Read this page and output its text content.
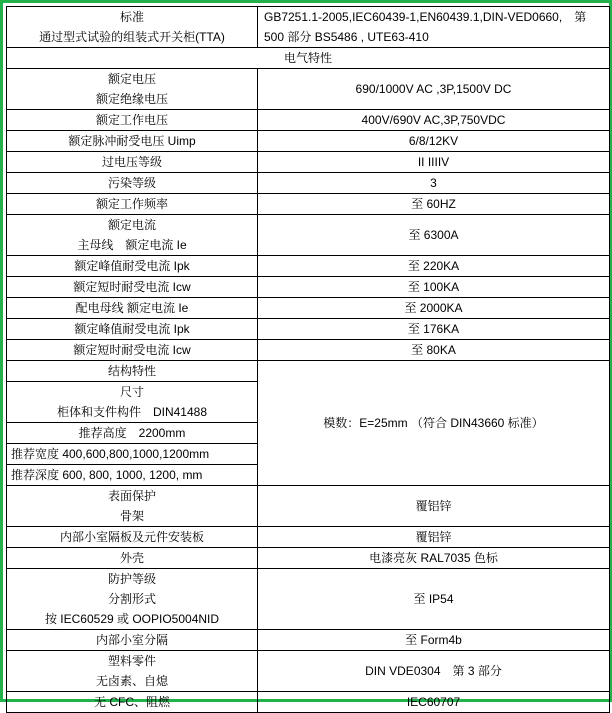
标准
通过型式试验的组装式开关柜(TTA)	GB7251.1-2005,IEC60439-1,EN60439.1,DIN-VED0660,　第
500 部分 BS5486 , UTE63-410
电气特性	

额定电压
额定绝缘电压	690/1000V AC ,3P,1500V DC

额定工作电压	400V/690V AC,3P,750VDC

额定脉冲耐受电压 Uimp	6/8/12KV

过电压等级	II IIIIV

污染等级	3

额定工作频率	至 60HZ

额定电流
主母线　额定电流 Ie	至 6300A

额定峰值耐受电流 Ipk	至 220KA

额定短时耐受电流 Icw	至 100KA

配电母线 额定电流 Ie	至 2000KA

额定峰值耐受电流 Ipk	至 176KA

额定短时耐受电流 Icw	至 80KA
结构特性	模数：E=25mm （符合 DIN43660 标准）

尺寸
柜体和支件构件　DIN41488	

推荐高度　2200mm	
推荐宽度 400,600,800,1000,1200mm	
推荐深度 600, 800, 1000, 1200, mm	

表面保护
骨架	覆铝锌

内部小室隔板及元件安装板	覆铝锌

外壳	电漆亮灰 RAL7035 色标

防护等级
分割形式
按 IEC60529 或 OOPIO5004NID	至 IP54

内部小室分隔	至 Form4b

塑料零件
无卤素、自熄	DIN VDE0304　第 3 部分

无 CFC、阻燃	IEC60707
